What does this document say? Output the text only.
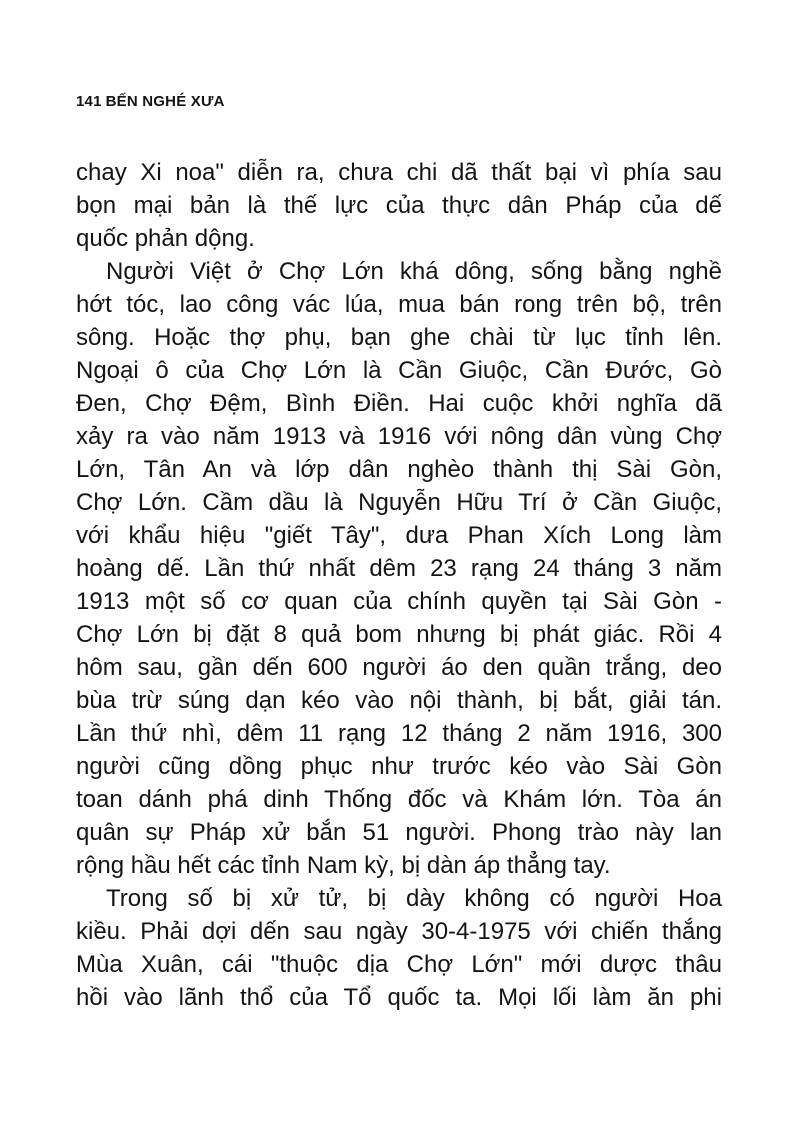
141 BẾN NGHÉ XƯA
chay Xi noa" diễn ra, chưa chi dã thất bại vì phía sau
bọn mại bản là thế lực của thực dân Pháp của dế
quốc phản dộng.
Người Việt ở Chợ Lớn khá dông, sống bằng nghề
hớt tóc, lao công vác lúa, mua bán rong trên bộ, trên
sông. Hoặc thợ phụ, bạn ghe chài từ lục tỉnh lên.
Ngoại ô của Chợ Lớn là Cần Giuộc, Cần Đước, Gò
Đen, Chợ Đệm, Bình Điền. Hai cuộc khởi nghĩa dã
xảy ra vào năm 1913 và 1916 với nông dân vùng Chợ
Lớn, Tân An và lớp dân nghèo thành thị Sài Gòn,
Chợ Lớn. Cầm dầu là Nguyễn Hữu Trí ở Cần Giuộc,
với khẩu hiệu "giết Tây", dưa Phan Xích Long làm
hoàng dế. Lần thứ nhất dêm 23 rạng 24 tháng 3 năm
1913 một số cơ quan của chính quyền tại Sài Gòn -
Chợ Lớn bị đặt 8 quả bom nhưng bị phát giác. Rồi 4
hôm sau, gần dến 600 người áo den quần trắng, deo
bùa trừ súng dạn kéo vào nội thành, bị bắt, giải tán.
Lần thứ nhì, dêm 11 rạng 12 tháng 2 năm 1916, 300
người cũng dồng phục như trước kéo vào Sài Gòn
toan dánh phá dinh Thống đốc và Khám lớn. Tòa án
quân sự Pháp xử bắn 51 người. Phong trào này lan
rộng hầu hết các tỉnh Nam kỳ, bị dàn áp thẳng tay.
Trong số bị xử tử, bị dày không có người Hoa
kiều. Phải dợi dến sau ngày 30-4-1975 với chiến thắng
Mùa Xuân, cái "thuộc dịa Chợ Lớn" mới dược thâu
hồi vào lãnh thổ của Tổ quốc ta. Mọi lối làm ăn phi
